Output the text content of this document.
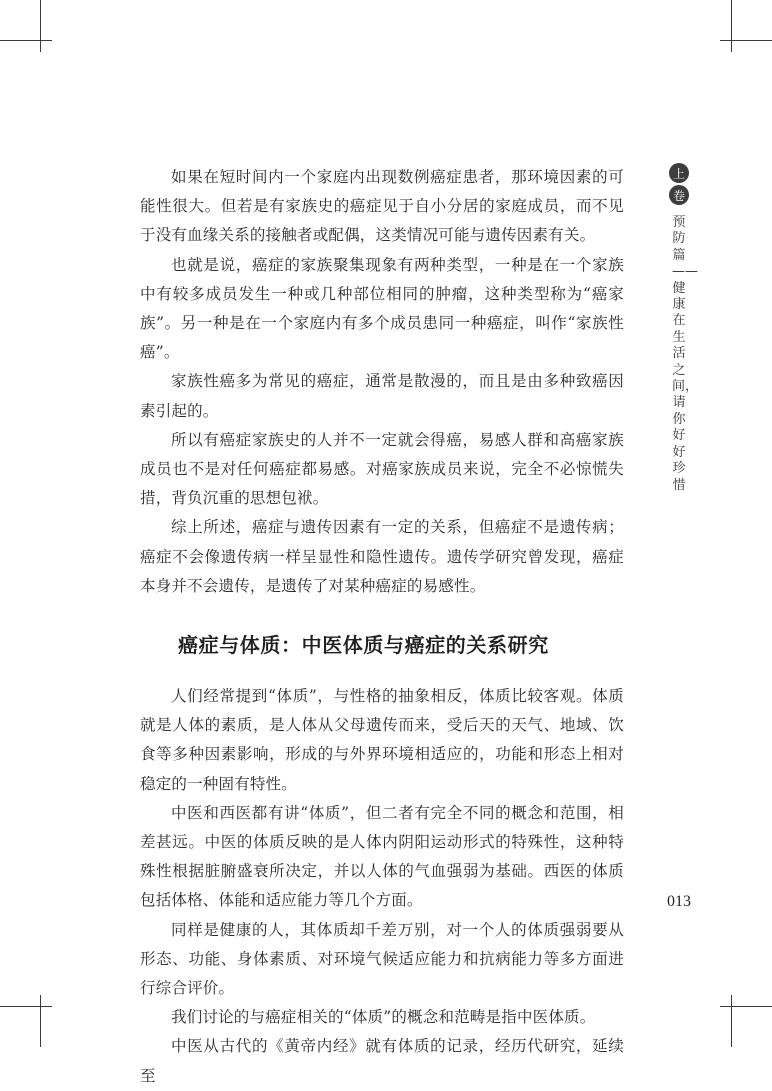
如果在短时间内一个家庭内出现数例癌症患者，那环境因素的可能性很大。但若是有家族史的癌症见于自小分居的家庭成员，而不见于没有血缘关系的接触者或配偶，这类情况可能与遗传因素有关。

也就是说，癌症的家族聚集现象有两种类型，一种是在一个家族中有较多成员发生一种或几种部位相同的肿瘤，这种类型称为“癌家族”。另一种是在一个家庭内有多个成员患同一种癌症，叫作“家族性癌”。

家族性癌多为常见的癌症，通常是散漫的，而且是由多种致癌因素引起的。

所以有癌症家族史的人并不一定就会得癌，易感人群和高癌家族成员也不是对任何癌症都易感。对癌家族成员来说，完全不必惊慌失措，背负沉重的思想包袱。

综上所述，癌症与遗传因素有一定的关系，但癌症不是遗传病；癌症不会像遗传病一样呈显性和隐性遗传。遗传学研究曾发现，癌症本身并不会遗传，是遗传了对某种癌症的易感性。

癌症与体质：中医体质与癌症的关系研究

人们经常提到“体质”，与性格的抽象相反，体质比较客观。体质就是人体的素质，是人体从父母遗传而来，受后天的天气、地域、饮食等多种因素影响，形成的与外界环境相适应的，功能和形态上相对稳定的一种固有特性。

中医和西医都有讲“体质”，但二者有完全不同的概念和范围，相差甚远。中医的体质反映的是人体内阴阳运动形式的特殊性，这种特殊性根据脏腑盛衰所决定，并以人体的气血强弱为基础。西医的体质包括体格、体能和适应能力等几个方面。

同样是健康的人，其体质却千差万别，对一个人的体质强弱要从形态、功能、身体素质、对环境气候适应能力和抗病能力等多方面进行综合评价。

我们讨论的与癌症相关的“体质”的概念和范畴是指中医体质。

中医从古代的《黄帝内经》就有体质的记录，经历代研究，延续至

上
卷
预防篇——健康在生活之间，请你好好珍惜
013
